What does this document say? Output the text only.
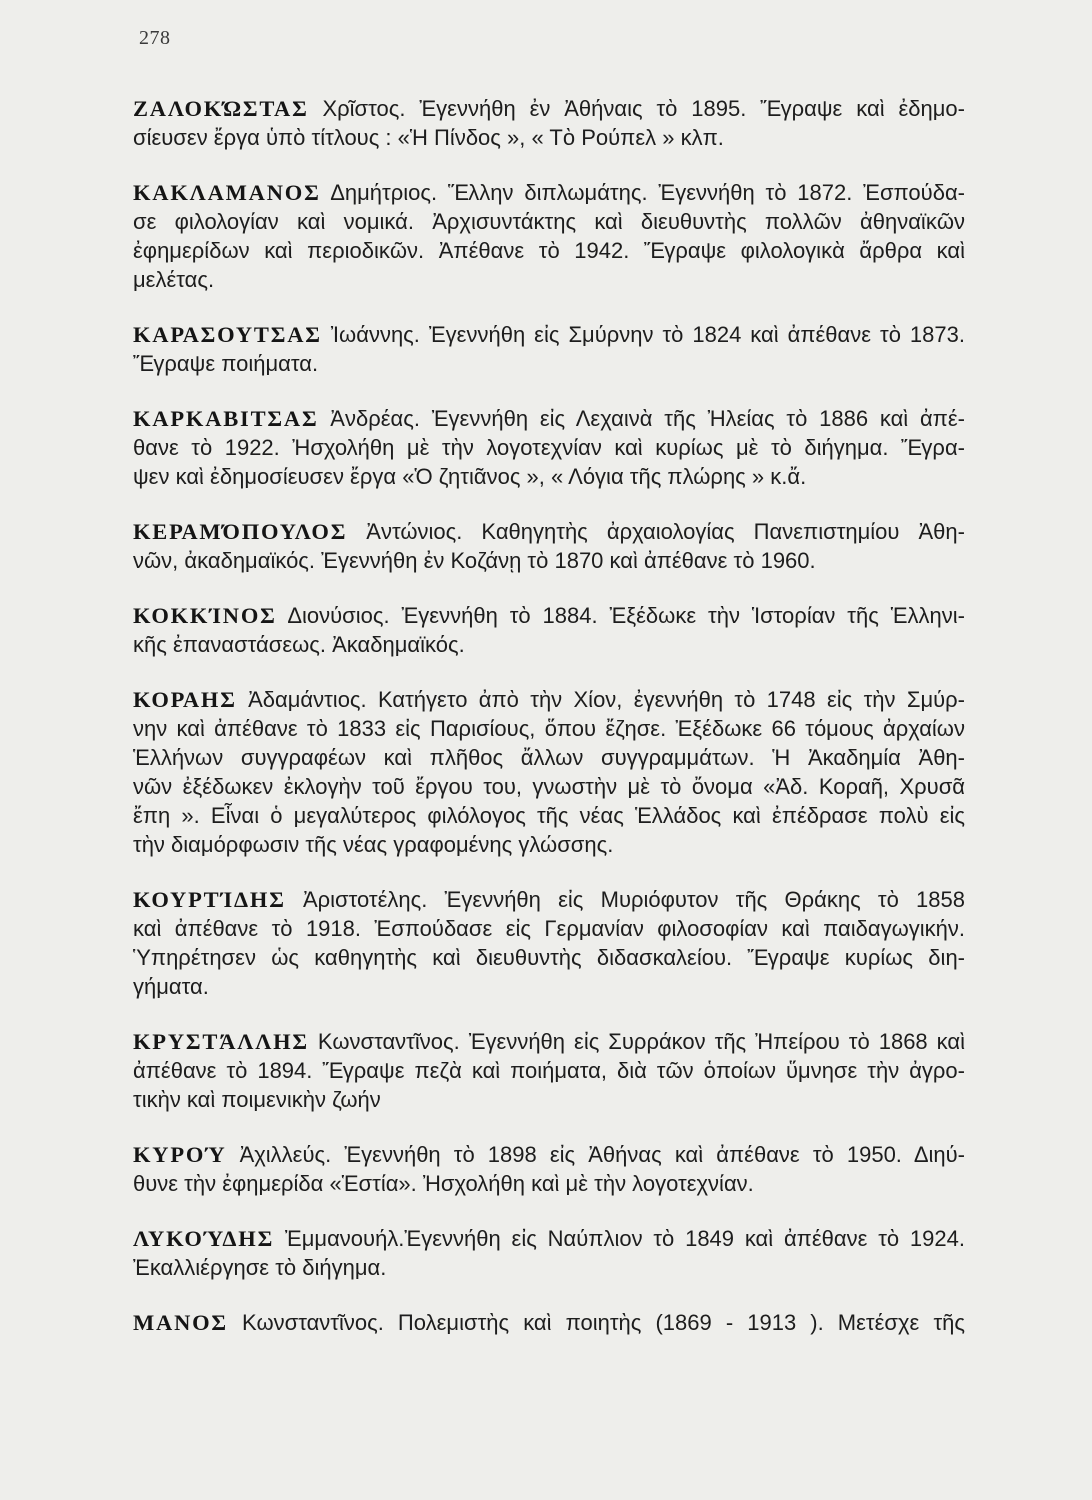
278
ΖΑΛΟΚΏΣΤΑΣ Χρῖστος. Ἐγεννήθη ἐν Ἀθήναις τὸ 1895. Ἔγραψε καὶ ἐδημο-
σίευσεν ἔργα ὑπὸ τίτλους : «Ἡ Πίνδος », « Τὸ Ρούπελ » κλπ.
ΚΑΚΛΑΜΑΝΟΣ Δημήτριος. Ἕλλην διπλωμάτης. Ἐγεννήθη τὸ 1872. Ἐσπούδα-
σε φιλολογίαν καὶ νομικά. Ἀρχισυντάκτης καὶ διευθυντὴς πολλῶν ἀθηναϊκῶν
ἐφημερίδων καὶ περιοδικῶν. Ἀπέθανε τὸ 1942. Ἔγραψε φιλολογικὰ ἄρθρα καὶ
μελέτας.
ΚΑΡΑΣΟΥΤΣΑΣ Ἰωάννης. Ἐγεννήθη εἰς Σμύρνην τὸ 1824 καὶ ἀπέθανε τὸ 1873.
Ἔγραψε ποιήματα.
ΚΑΡΚΑΒΙΤΣΑΣ Ἀνδρέας. Ἐγεννήθη εἰς Λεχαινὰ τῆς Ἠλείας τὸ 1886 καὶ ἀπέ-
θανε τὸ 1922. Ἠσχολήθη μὲ τὴν λογοτεχνίαν καὶ κυρίως μὲ τὸ διήγημα. Ἔγρα-
ψεν καὶ ἐδημοσίευσεν ἔργα «Ὁ ζητιᾶνος », « Λόγια τῆς πλώρης » κ.ἄ.
ΚΕΡΑΜΌΠΟΥΛΟΣ Ἀντώνιος. Καθηγητὴς ἀρχαιολογίας Πανεπιστημίου Ἀθη-
νῶν, ἀκαδημαϊκός. Ἐγεννήθη ἐν Κοζάνῃ τὸ 1870 καὶ ἀπέθανε τὸ 1960.
ΚΟΚΚΊΝΟΣ Διονύσιος. Ἐγεννήθη τὸ 1884. Ἐξέδωκε τὴν Ἱστορίαν τῆς Ἑλληνι-
κῆς ἐπαναστάσεως. Ἀκαδημαϊκός.
ΚΟΡΑΗΣ Ἀδαμάντιος. Κατήγετο ἀπὸ τὴν Χίον, ἐγεννήθη τὸ 1748 εἰς τὴν Σμύρ-
νην καὶ ἀπέθανε τὸ 1833 εἰς Παρισίους, ὅπου ἔζησε. Ἐξέδωκε 66 τόμους ἀρχαίων
Ἑλλήνων συγγραφέων καὶ πλῆθος ἄλλων συγγραμμάτων. Ἡ Ἀκαδημία Ἀθη-
νῶν ἐξέδωκεν ἐκλογὴν τοῦ ἔργου του, γνωστὴν μὲ τὸ ὄνομα «Ἀδ. Κοραῆ, Χρυσᾶ
ἔπη ». Εἶναι ὁ μεγαλύτερος φιλόλογος τῆς νέας Ἑλλάδος καὶ ἐπέδρασε πολὺ εἰς
τὴν διαμόρφωσιν τῆς νέας γραφομένης γλώσσης.
ΚΟΥΡΤΊΔΗΣ Ἀριστοτέλης. Ἐγεννήθη εἰς Μυριόφυτον τῆς Θράκης τὸ 1858
καὶ ἀπέθανε τὸ 1918. Ἐσπούδασε εἰς Γερμανίαν φιλοσοφίαν καὶ παιδαγωγικήν.
Ὑπηρέτησεν ὡς καθηγητὴς καὶ διευθυντὴς διδασκαλείου. Ἔγραψε κυρίως διη-
γήματα.
ΚΡΥΣΤΆΛΛΗΣ Κωνσταντῖνος. Ἐγεννήθη εἰς Συρράκον τῆς Ἠπείρου τὸ 1868 καὶ
ἀπέθανε τὸ 1894. Ἔγραψε πεζὰ καὶ ποιήματα, διὰ τῶν ὁποίων ὕμνησε τὴν ἀγρο-
τικὴν καὶ ποιμενικὴν ζωήν
ΚΥΡΟΎ Ἀχιλλεύς. Ἐγεννήθη τὸ 1898 εἰς Ἀθήνας καὶ ἀπέθανε τὸ 1950. Διηύ-
θυνε τὴν ἐφημερίδα «Ἑστία». Ἠσχολήθη καὶ μὲ τὴν λογοτεχνίαν.
ΛΥΚΟΎΔΗΣ Ἐμμανουήλ.Ἐγεννήθη εἰς Ναύπλιον τὸ 1849 καὶ ἀπέθανε τὸ 1924.
Ἐκαλλιέργησε τὸ διήγημα.
ΜΑΝΟΣ Κωνσταντῖνος. Πολεμιστὴς καὶ ποιητὴς (1869 - 1913 ). Μετέσχε τῆς
